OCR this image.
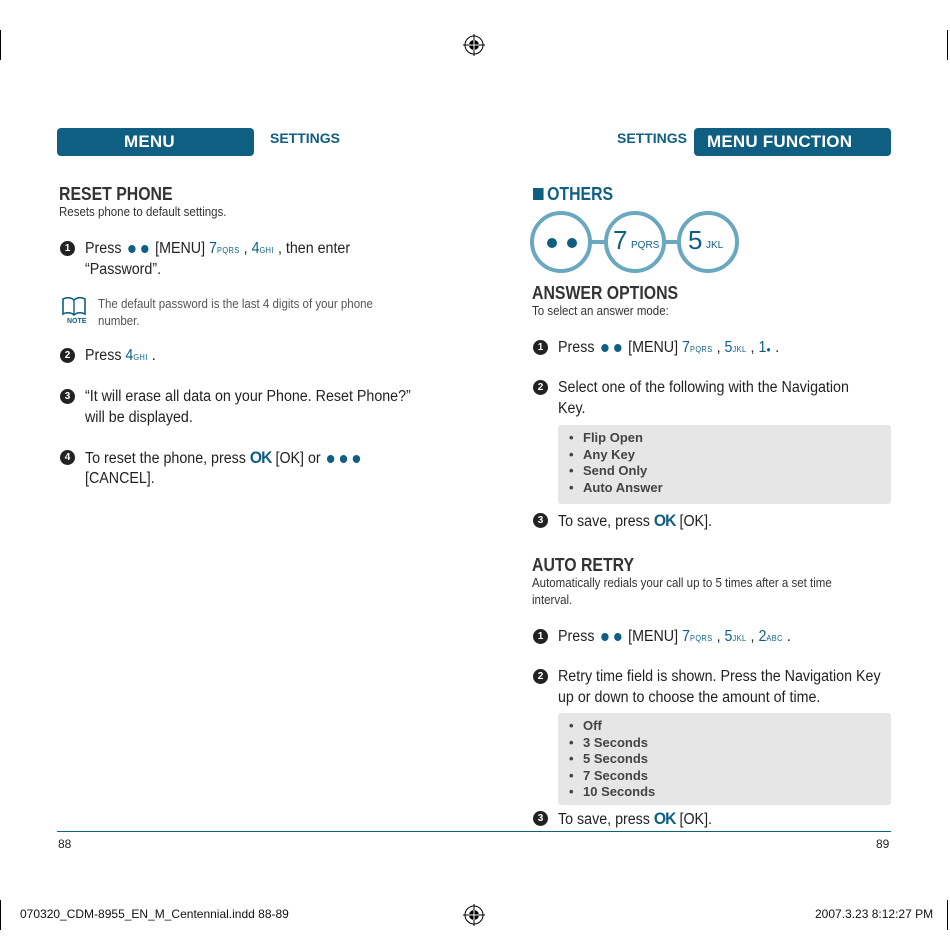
MENU FUNCTION
SETTINGS
RESET PHONE
Resets phone to default settings.
1 Press [MENU] 7PQRS , 4GHI , then enter
“Password”.
NOTE
The default password is the last 4 digits of your phone
number.
2 Press 4GHI .
3 “It will erase all data on your Phone. Reset Phone?”
will be displayed.
4 To reset the phone, press OK [OK] or
[CANCEL].
88
SETTINGS	MENU FUNCTION
OTHERS
7 PQRS 5 JKL
ANSWER OPTIONS
To select an answer mode:
1 Press [MENU] 7PQRS , 5JKL , 1● .
2 Select one of the following with the Navigation
Key.
• Flip Open
• Any Key
• Send Only
• Auto Answer
3 To save, press OK [OK].
AUTO RETRY
Automatically redials your call up to 5 times after a set time
interval.
1 Press [MENU] 7PQRS , 5JKL , 2ABC .
2 Retry time field is shown. Press the Navigation Key
up or down to choose the amount of time.
• Off
• 3 Seconds
• 5 Seconds
• 7 Seconds
• 10 Seconds
3 To save, press OK [OK].
89
070320_CDM-8955_EN_M_Centennial.indd 88-89	2007.3.23 8:12:27 PM
